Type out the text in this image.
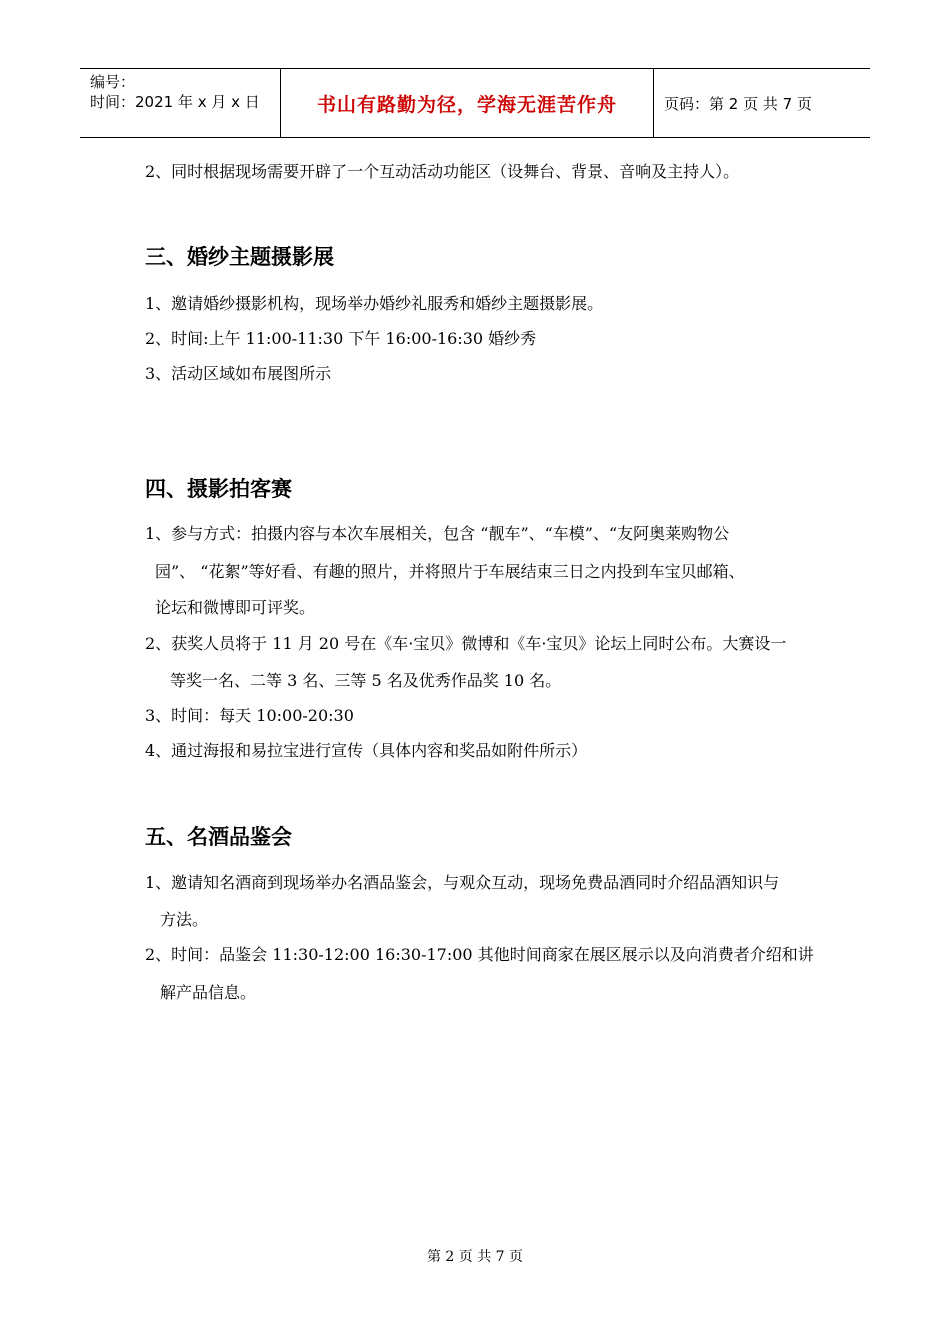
编号：
时间：2021 年 x 月 x 日	书山有路勤为径，学海无涯苦作舟	页码：第 2 页 共 7 页
2、同时根据现场需要开辟了一个互动活动功能区（设舞台、背景、音响及主持人）。
三、婚纱主题摄影展
1、邀请婚纱摄影机构，现场举办婚纱礼服秀和婚纱主题摄影展。
2、时间:上午 11:00-11:30 下午 16:00-16:30 婚纱秀
3、活动区域如布展图所示
四、摄影拍客赛
1、参与方式：拍摄内容与本次车展相关，包含 “靓车”、“车模”、“友阿奥莱购物公
园”、 “花絮”等好看、有趣的照片，并将照片于车展结束三日之内投到车宝贝邮箱、
论坛和微博即可评奖。
2、获奖人员将于 11 月 20 号在《车·宝贝》微博和《车·宝贝》论坛上同时公布。大赛设一
等奖一名、二等 3 名、三等 5 名及优秀作品奖 10 名。
3、时间：每天 10:00-20:30
4、通过海报和易拉宝进行宣传（具体内容和奖品如附件所示）
五、名酒品鉴会
1、邀请知名酒商到现场举办名酒品鉴会，与观众互动，现场免费品酒同时介绍品酒知识与
方法。
2、时间：品鉴会 11:30-12:00 16:30-17:00 其他时间商家在展区展示以及向消费者介绍和讲
解产品信息。
第 2 页 共 7 页
